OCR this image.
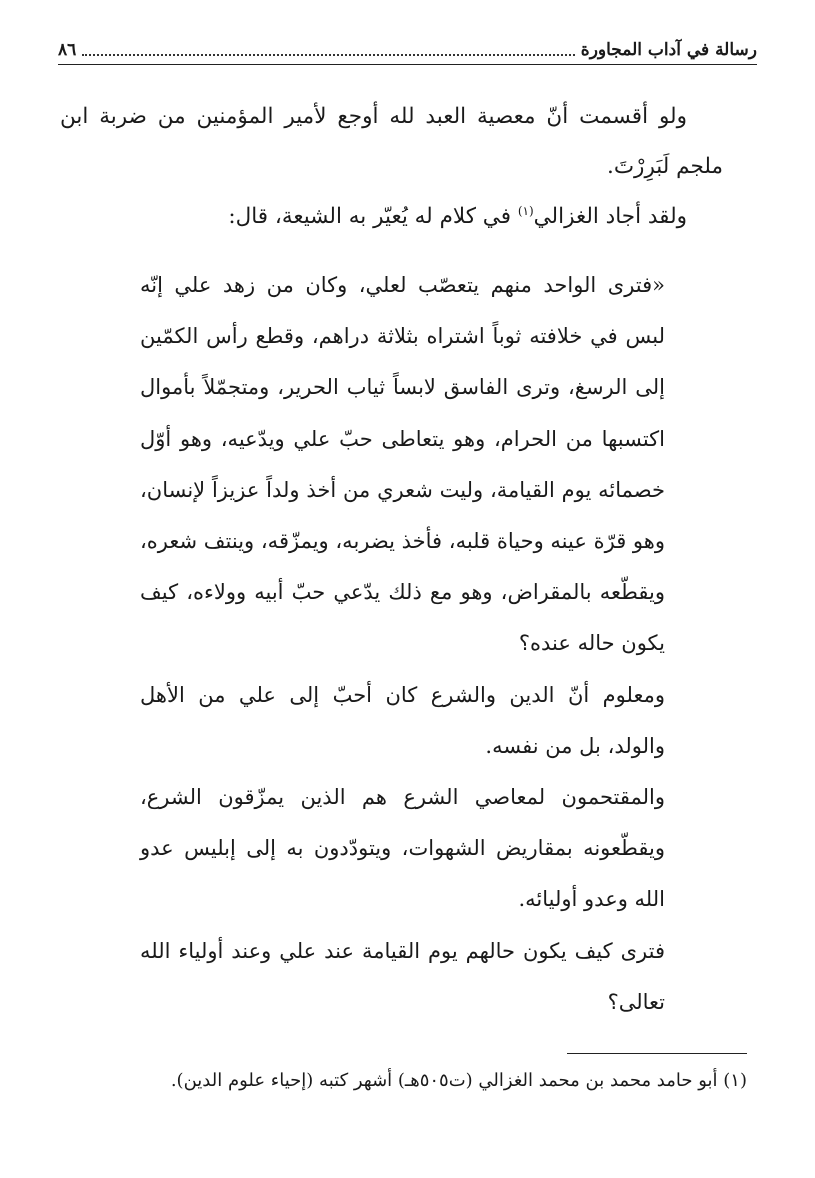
رسالة في آداب المجاورة
٨٦

ولو أقسمت أنّ معصية العبد لله أوجع لأمير المؤمنين من ضربة ابن ملجم لَبَرِرْتَ.

ولقد أجاد الغزالي$^{(١)}$ في كلام له يُعيّر به الشيعة، قال:

«فترى الواحد منهم يتعصّب لعلي، وكان من زهد علي إنّه لبس في خلافته ثوباً اشتراه بثلاثة دراهم، وقطع رأس الكمّين إلى الرسغ، وترى الفاسق لابساً ثياب الحرير، ومتجمّلاً بأموال اكتسبها من الحرام، وهو يتعاطى حبّ علي ويدّعيه، وهو أوّل خصمائه يوم القيامة، وليت شعري من أخذ ولداً عزيزاً لإنسان، وهو قرّة عينه وحياة قلبه، فأخذ يضربه، ويمزّقه، وينتف شعره، ويقطّعه بالمقراض، وهو مع ذلك يدّعي حبّ أبيه وولاءه، كيف يكون حاله عنده؟

ومعلوم أنّ الدين والشرع كان أحبّ إلى علي من الأهل والولد، بل من نفسه.

والمقتحمون لمعاصي الشرع هم الذين يمزّقون الشرع، ويقطّعونه بمقاريض الشهوات، ويتودّدون به إلى إبليس عدو الله وعدو أوليائه.

فترى كيف يكون حالهم يوم القيامة عند علي وعند أولياء الله تعالى؟

(١) أبو حامد محمد بن محمد الغزالي (ت٥٠٥هـ) أشهر كتبه (إحياء علوم الدين).
